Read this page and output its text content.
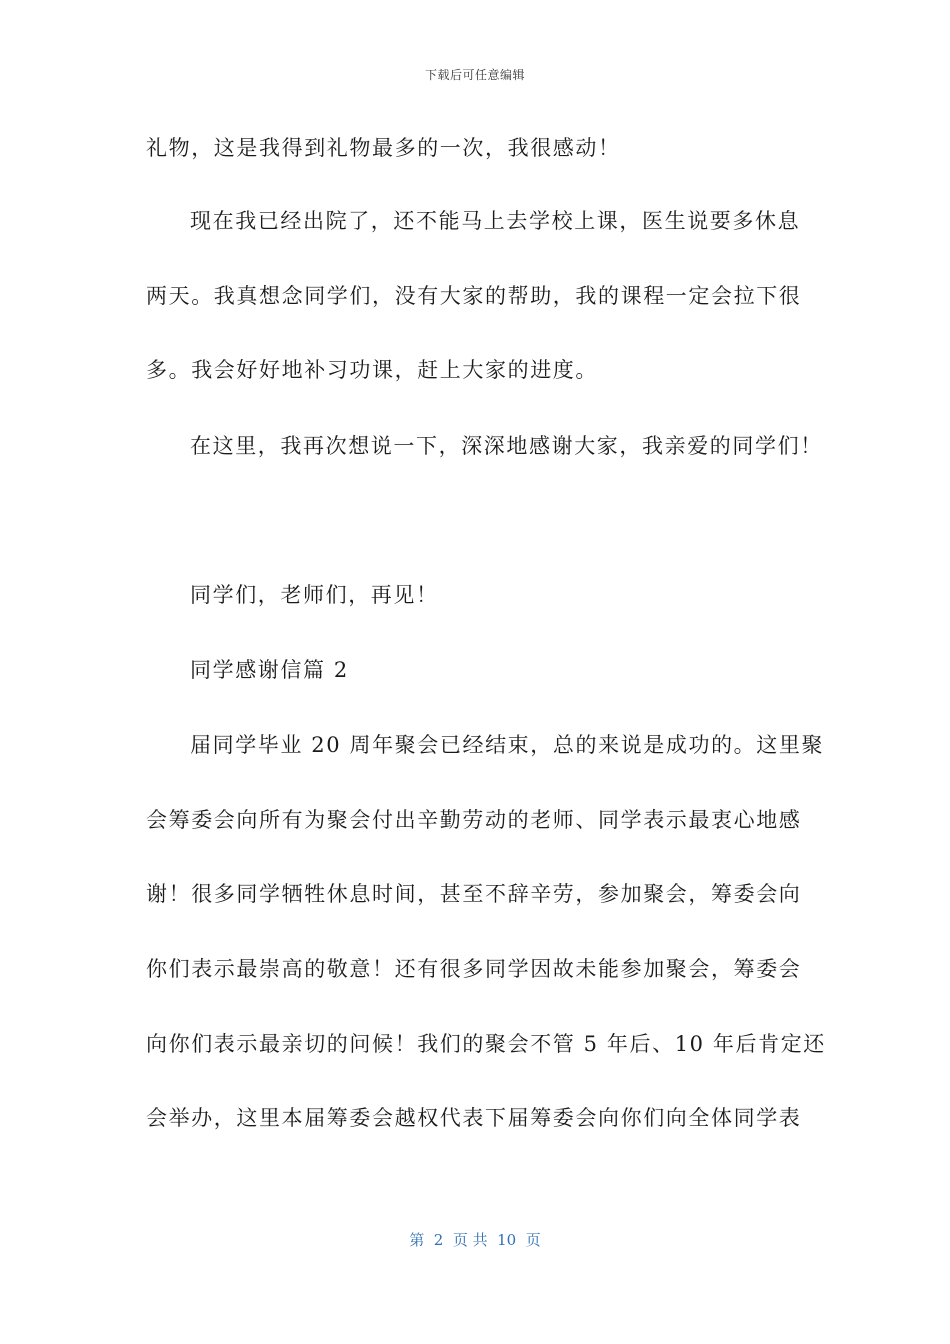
下载后可任意编辑
礼物，这是我得到礼物最多的一次，我很感动！
现在我已经出院了，还不能马上去学校上课，医生说要多休息
两天。我真想念同学们，没有大家的帮助，我的课程一定会拉下很
多。我会好好地补习功课，赶上大家的进度。
在这里，我再次想说一下，深深地感谢大家，我亲爱的同学们！
同学们，老师们，再见！
同学感谢信篇 2
届同学毕业 20 周年聚会已经结束，总的来说是成功的。这里聚
会筹委会向所有为聚会付出辛勤劳动的老师、同学表示最衷心地感
谢！很多同学牺牲休息时间，甚至不辞辛劳，参加聚会，筹委会向
你们表示最崇高的敬意！还有很多同学因故未能参加聚会，筹委会
向你们表示最亲切的问候！我们的聚会不管 5 年后、10 年后肯定还
会举办，这里本届筹委会越权代表下届筹委会向你们向全体同学表
第  2  页 共  10  页
